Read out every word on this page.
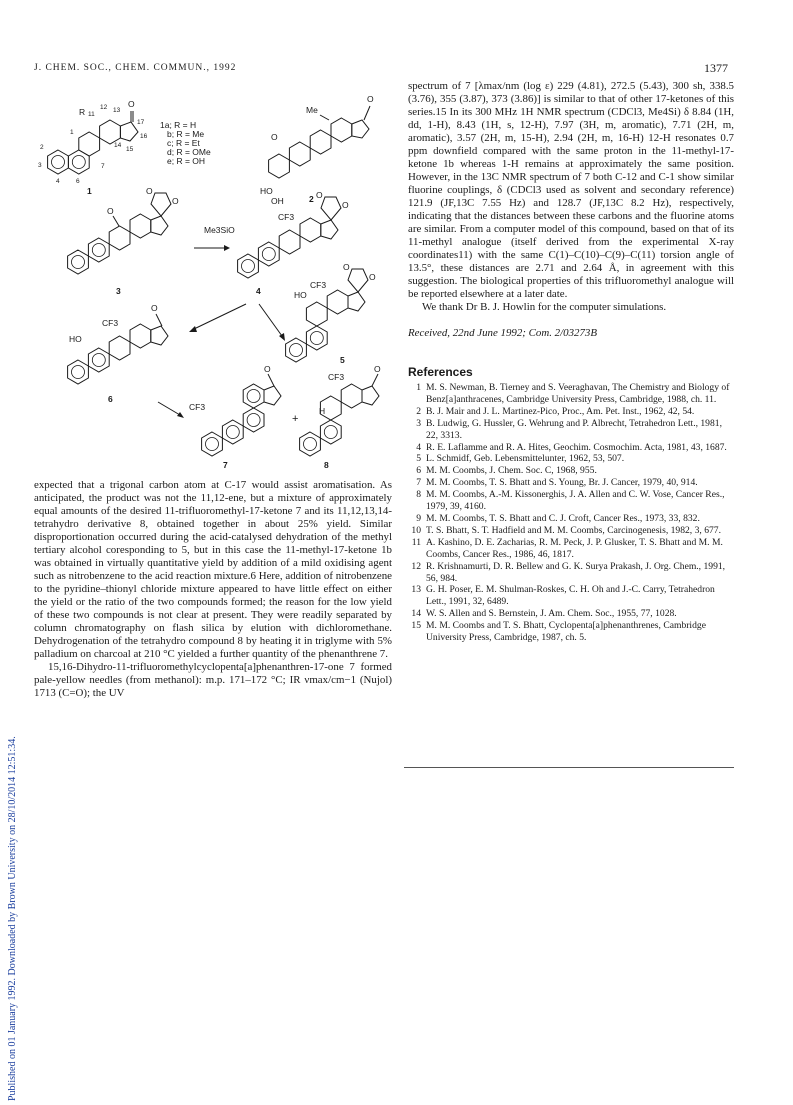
J. CHEM. SOC., CHEM. COMMUN., 1992	1377
Published on 01 January 1992. Downloaded by Brown University on 28/10/2014 12:51:34.
O
R 11
12 13
17
16
15
14
1
2
3
4	6
7
1
1a; R = H
b; R = Me
c; R = Et
d; R = OMe
e; R = OH
O
Me
O
HO
OH	2
O
O
O
3
O
O
Me3SiO
CF3
4
O
O
HO
CF3
5
O
HO
CF3
6
O
CF3
7
+
O
H
CF3
8

expected that a trigonal carbon atom at C-17 would assist aromatisation. As anticipated, the product was not the 11,12-ene, but a mixture of approximately equal amounts of the desired 11-trifluoromethyl-17-ketone 7 and its 11,12,13,14-tetrahydro derivative 8, obtained together in about 25% yield. Similar disproportionation occurred during the acid-catalysed dehydration of the methyl tertiary alcohol coresponding to 5, but in this case the 11-methyl-17-ketone 1b was obtained in virtually quantitative yield by addition of a mild oxidising agent such as nitrobenzene to the acid reaction mixture.6 Here, addition of nitrobenzene to the pyridine–thionyl chloride mixture appeared to have little effect on either the yield or the ratio of the two compounds formed; the reason for the low yield of these two compounds is not clear at present. They were readily separated by column chromatography on flash silica by elution with dichloromethane. Dehydrogenation of the tetrahydro compound 8 by heating it in triglyme with 5% palladium on charcoal at 210 °C yielded a further quantity of the phenanthrene 7.

15,16-Dihydro-11-trifluoromethylcyclopenta[a]phenanthren-17-one 7 formed pale-yellow needles (from methanol): m.p. 171–172 °C; IR νmax/cm−1 (Nujol) 1713 (C=O); the UV

spectrum of 7 [λmax/nm (log ε) 229 (4.81), 272.5 (5.43), 300 sh, 338.5 (3.76), 355 (3.87), 373 (3.86)] is similar to that of other 17-ketones of this series.15 In its 300 MHz 1H NMR spectrum (CDCl3, Me4Si) δ 8.84 (1H, dd, 1-H), 8.43 (1H, s, 12-H), 7.97 (3H, m, aromatic), 7.71 (2H, m, aromatic), 3.57 (2H, m, 15-H), 2.94 (2H, m, 16-H) 12-H resonates 0.7 ppm downfield compared with the same proton in the 11-methyl-17-ketone 1b whereas 1-H remains at approximately the same position. However, in the 13C NMR spectrum of 7 both C-12 and C-1 show similar fluorine couplings, δ (CDCl3 used as solvent and secondary reference) 121.9 (JF,13C 7.55 Hz) and 128.7 (JF,13C 8.2 Hz), respectively, indicating that the distances between these carbons and the fluorine atoms are similar. From a computer model of this compound, based on that of its 11-methyl analogue (itself derived from the experimental X-ray coordinates11) with the same C(1)–C(10)–C(9)–C(11) torsion angle of 13.5°, these distances are 2.71 and 2.64 Å, in agreement with this suggestion. The biological properties of this trifluoromethyl analogue will be reported elsewhere at a later date.

We thank Dr B. J. Howlin for the computer simulations.

Received, 22nd June 1992; Com. 2/03273B

References
1 M. S. Newman, B. Tierney and S. Veeraghavan, The Chemistry and Biology of Benz[a]anthracenes, Cambridge University Press, Cambridge, 1988, ch. 11.
2 B. J. Mair and J. L. Martinez-Pico, Proc., Am. Pet. Inst., 1962, 42, 54.
3 B. Ludwig, G. Hussler, G. Wehrung and P. Albrecht, Tetrahedron Lett., 1981, 22, 3313.
4 R. E. Laflamme and R. A. Hites, Geochim. Cosmochim. Acta, 1981, 43, 1687.
5 L. Schmidf, Geb. Lebensmittelunter, 1962, 53, 507.
6 M. M. Coombs, J. Chem. Soc. C, 1968, 955.
7 M. M. Coombs, T. S. Bhatt and S. Young, Br. J. Cancer, 1979, 40, 914.
8 M. M. Coombs, A.-M. Kissonerghis, J. A. Allen and C. W. Vose, Cancer Res., 1979, 39, 4160.
9 M. M. Coombs, T. S. Bhatt and C. J. Croft, Cancer Res., 1973, 33, 832.
10 T. S. Bhatt, S. T. Hadfield and M. M. Coombs, Carcinogenesis, 1982, 3, 677.
11 A. Kashino, D. E. Zacharias, R. M. Peck, J. P. Glusker, T. S. Bhatt and M. M. Coombs, Cancer Res., 1986, 46, 1817.
12 R. Krishnamurti, D. R. Bellew and G. K. Surya Prakash, J. Org. Chem., 1991, 56, 984.
13 G. H. Poser, E. M. Shulman-Roskes, C. H. Oh and J.-C. Carry, Tetrahedron Lett., 1991, 32, 6489.
14 W. S. Allen and S. Bernstein, J. Am. Chem. Soc., 1955, 77, 1028.
15 M. M. Coombs and T. S. Bhatt, Cyclopenta[a]phenanthrenes, Cambridge University Press, Cambridge, 1987, ch. 5.
